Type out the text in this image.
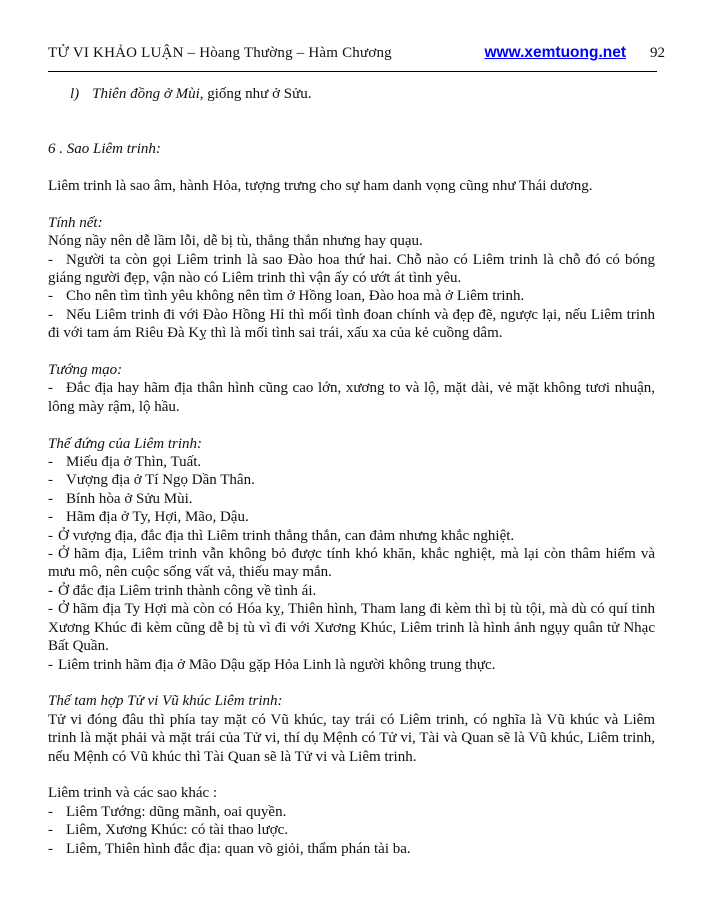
TỬ VI KHẢO LUẬN – Hòang Thường – Hàm Chương	www.xemtuong.net 92

l) Thiên đồng ở Mùi, giống như ở Sửu.

6 . Sao Liêm trinh:

Liêm trinh là sao âm, hành Hỏa, tượng trưng cho sự ham danh vọng cũng như Thái dương.

Tính nết:

Nóng nầy nên dễ lầm lỗi, dễ bị tù, thẳng thắn nhưng hay quạu.

- Người ta còn gọi Liêm trinh là sao Đào hoa thứ hai. Chỗ nào có Liêm trinh là chỗ đó có bóng giáng người đẹp, vận nào có Liêm trinh thì vận ấy có ướt át tình yêu.

- Cho nên tìm tình yêu không nên tìm ở Hồng loan, Đào hoa mà ở Liêm trinh.

- Nếu Liêm trinh đi với Đào Hồng Hỉ thì mối tình đoan chính và đẹp đẽ, ngược lại, nếu Liêm trinh đi với tam ám Riêu Đà Kỵ thì là mối tình sai trái, xấu xa của kẻ cuồng dâm.

Tướng mạo:

- Đắc địa hay hãm địa thân hình cũng cao lớn, xương to và lộ, mặt dài, vẻ mặt không tươi nhuận, lông mày rậm, lộ hầu.

Thế đứng của Liêm trinh:

- Miếu địa ở Thìn, Tuất.

- Vượng địa ở Tí Ngọ Dần Thân.

- Bính hòa ở Sửu Mùi.

- Hãm địa ở Ty, Hợi, Mão, Dậu.

- Ở vượng địa, đắc địa thì Liêm trinh thẳng thắn, can đảm nhưng khắc nghiệt.

- Ở hãm địa, Liêm trinh vẫn không bỏ được tính khó khăn, khắc nghiệt, mà lại còn thâm hiểm và mưu mô, nên cuộc sống vất vả, thiếu may mắn.

- Ở đắc địa Liêm trinh thành công về tình ái.

- Ở hãm địa Ty Hợi mà còn có Hóa kỵ, Thiên hình, Tham lang đi kèm thì bị tù tội, mà dù có quí tinh Xương Khúc đi kèm cũng dễ bị tù vì đi với Xương Khúc, Liêm trinh là hình ảnh ngụy quân tử Nhạc Bất Quần.

- Liêm trinh hãm địa ở Mão Dậu gặp Hỏa Linh là người không trung thực.

Thế tam hợp Tử vi Vũ khúc Liêm trinh:

Tử vi đóng đâu thì phía tay mặt có Vũ khúc, tay trái có Liêm trinh, có nghĩa là Vũ khúc và Liêm trinh là mặt phải và mặt trái của Tử vi, thí dụ Mệnh có Tử vi, Tài và Quan sẽ là Vũ khúc, Liêm trinh, nếu Mệnh có Vũ khúc thì Tài Quan sẽ là Tử vi và Liêm trinh.

Liêm trinh và các sao khác :

- Liêm Tướng: dũng mãnh, oai quyền.

- Liêm, Xương Khúc: có tài thao lược.

- Liêm, Thiên hình đắc địa: quan võ giỏi, thẩm phán tài ba.
